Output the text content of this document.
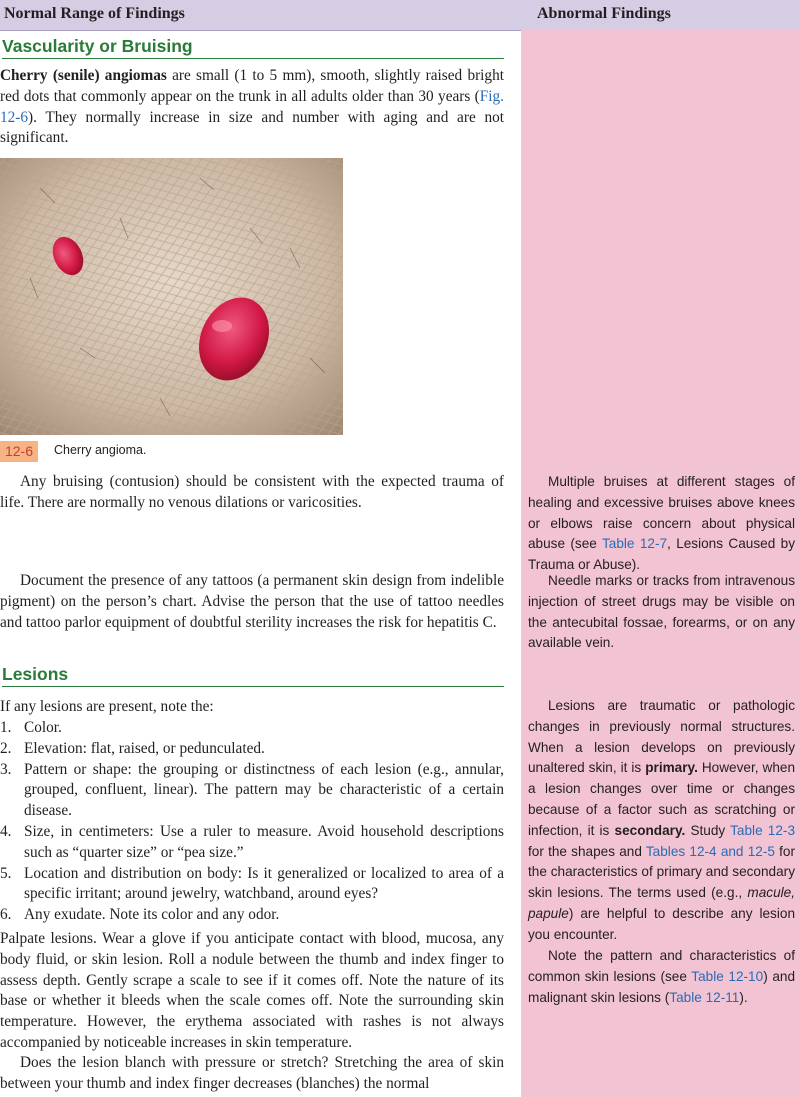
Normal Range of Findings	Abnormal Findings
Vascularity or Bruising

Cherry (senile) angiomas are small (1 to 5 mm), smooth, slightly raised bright red dots that commonly appear on the trunk in all adults older than 30 years (Fig. 12-6). They normally increase in size and number with aging and are not significant.

12-6	Cherry angioma.

Any bruising (contusion) should be consistent with the expected trauma of life. There are normally no venous dilations or varicosities.

Document the presence of any tattoos (a permanent skin design from indelible pigment) on the person’s chart. Advise the person that the use of tattoo needles and tattoo parlor equipment of doubtful sterility increases the risk for hepatitis C.

Lesions

If any lesions are present, note the:

1. Color.
2. Elevation: flat, raised, or pedunculated.
3. Pattern or shape: the grouping or distinctness of each lesion (e.g., annular, grouped, confluent, linear). The pattern may be characteristic of a certain disease.
4. Size, in centimeters: Use a ruler to measure. Avoid household descriptions such as “quarter size” or “pea size.”
5. Location and distribution on body: Is it generalized or localized to area of a specific irritant; around jewelry, watchband, around eyes?
6. Any exudate. Note its color and any odor.

Palpate lesions. Wear a glove if you anticipate contact with blood, mucosa, any body fluid, or skin lesion. Roll a nodule between the thumb and index finger to assess depth. Gently scrape a scale to see if it comes off. Note the nature of its base or whether it bleeds when the scale comes off. Note the surrounding skin temperature. However, the erythema associated with rashes is not always accompanied by noticeable increases in skin temperature.

Does the lesion blanch with pressure or stretch? Stretching the area of skin between your thumb and index finger decreases (blanches) the normal

Multiple bruises at different stages of healing and excessive bruises above knees or elbows raise concern about physical abuse (see Table 12-7, Lesions Caused by Trauma or Abuse).

Needle marks or tracks from intravenous injection of street drugs may be visible on the antecubital fossae, forearms, or on any available vein.

Lesions are traumatic or pathologic changes in previously normal structures. When a lesion develops on previously unaltered skin, it is primary. However, when a lesion changes over time or changes because of a factor such as scratching or infection, it is secondary. Study Table 12-3 for the shapes and Tables 12-4 and 12-5 for the characteristics of primary and secondary skin lesions. The terms used (e.g., macule, papule) are helpful to describe any lesion you encounter.

Note the pattern and characteristics of common skin lesions (see Table 12-10) and malignant skin lesions (Table 12-11).
